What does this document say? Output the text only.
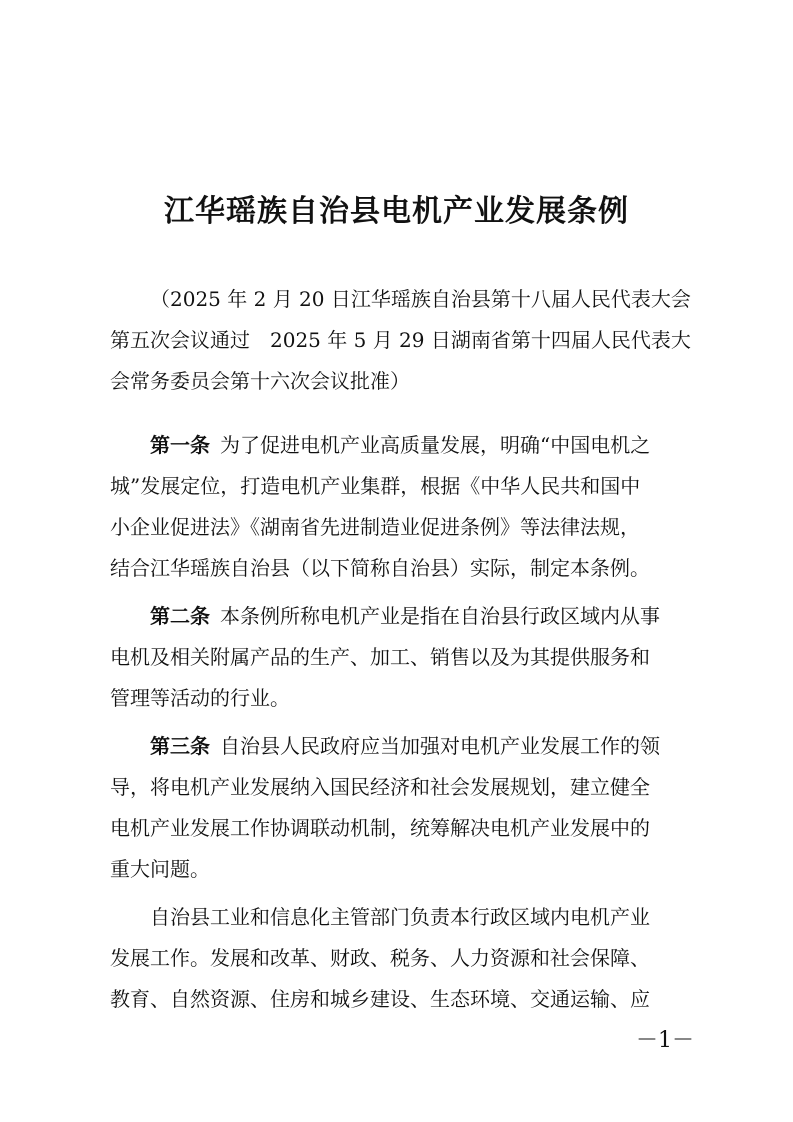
江华瑶族自治县电机产业发展条例
（2025 年 2 月 20 日江华瑶族自治县第十八届人民代表大会
第五次会议通过　2025 年 5 月 29 日湖南省第十四届人民代表大
会常务委员会第十六次会议批准）
第一条 为了促进电机产业高质量发展，明确“中国电机之
城”发展定位，打造电机产业集群，根据《中华人民共和国中
小企业促进法》《湖南省先进制造业促进条例》等法律法规，
结合江华瑶族自治县（以下简称自治县）实际，制定本条例。
第二条 本条例所称电机产业是指在自治县行政区域内从事
电机及相关附属产品的生产、加工、销售以及为其提供服务和
管理等活动的行业。
第三条 自治县人民政府应当加强对电机产业发展工作的领
导，将电机产业发展纳入国民经济和社会发展规划，建立健全
电机产业发展工作协调联动机制，统筹解决电机产业发展中的
重大问题。
自治县工业和信息化主管部门负责本行政区域内电机产业
发展工作。发展和改革、财政、税务、人力资源和社会保障、
教育、自然资源、住房和城乡建设、生态环境、交通运输、应
－1－
